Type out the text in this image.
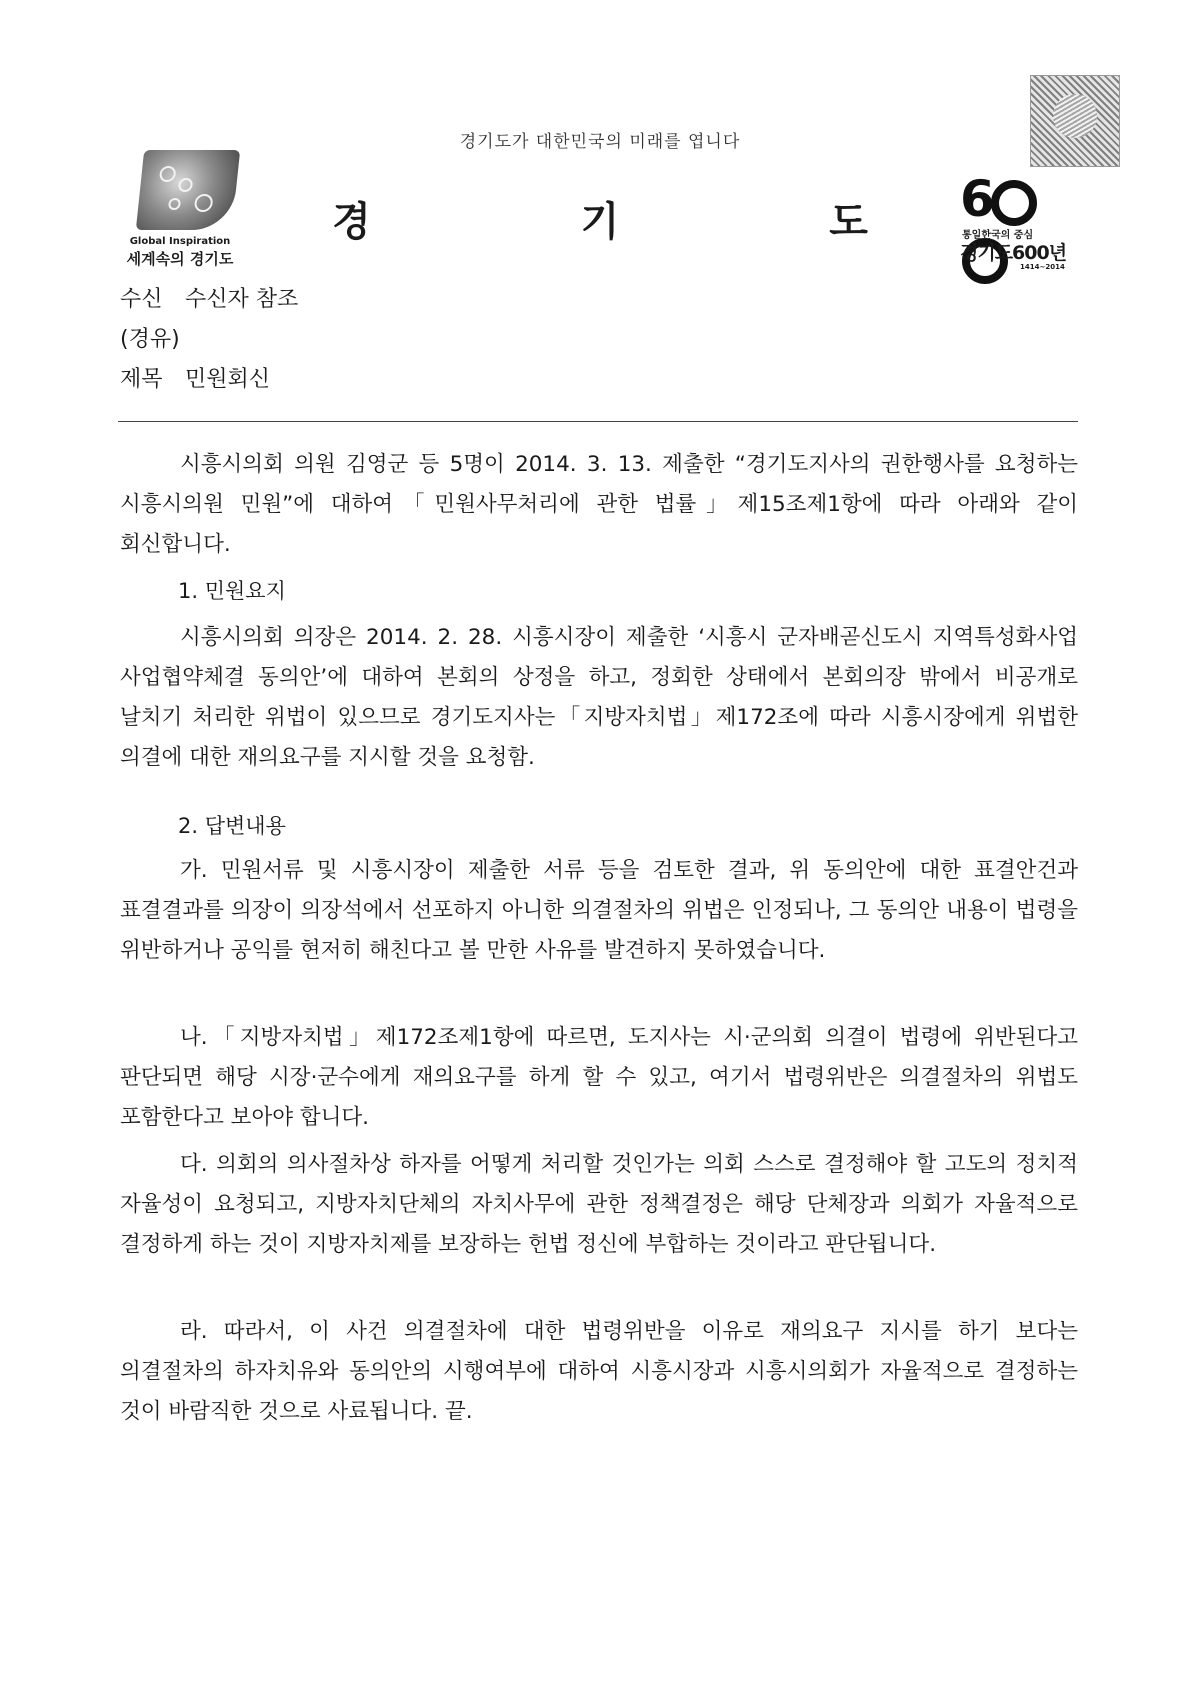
경기도가 대한민국의 미래를 엽니다
Global Inspiration
세계속의 경기도
경 기 도
6
통일한국의 중심
경기도600년
1414~2014
수신 수신자 참조
(경유)
제목 민원회신
시흥시의회 의원 김영군 등 5명이 2014. 3. 13. 제출한 “경기도지사의 권한행사를 요청하는 시흥시의원 민원”에 대하여「민원사무처리에 관한 법률」제15조제1항에 따라 아래와 같이 회신합니다.
1. 민원요지
시흥시의회 의장은 2014. 2. 28. 시흥시장이 제출한 ‘시흥시 군자배곧신도시 지역특성화사업 사업협약체결 동의안’에 대하여 본회의 상정을 하고, 정회한 상태에서 본회의장 밖에서 비공개로 날치기 처리한 위법이 있으므로 경기도지사는「지방자치법」제172조에 따라 시흥시장에게 위법한 의결에 대한 재의요구를 지시할 것을 요청함.
2. 답변내용
가. 민원서류 및 시흥시장이 제출한 서류 등을 검토한 결과, 위 동의안에 대한 표결안건과 표결결과를 의장이 의장석에서 선포하지 아니한 의결절차의 위법은 인정되나, 그 동의안 내용이 법령을 위반하거나 공익를 현저히 해친다고 볼 만한 사유를 발견하지 못하였습니다.
나.「지방자치법」제172조제1항에 따르면, 도지사는 시·군의회 의결이 법령에 위반된다고 판단되면 해당 시장·군수에게 재의요구를 하게 할 수 있고, 여기서 법령위반은 의결절차의 위법도 포함한다고 보아야 합니다.
다. 의회의 의사절차상 하자를 어떻게 처리할 것인가는 의회 스스로 결정해야 할 고도의 정치적 자율성이 요청되고, 지방자치단체의 자치사무에 관한 정책결정은 해당 단체장과 의회가 자율적으로 결정하게 하는 것이 지방자치제를 보장하는 헌법 정신에 부합하는 것이라고 판단됩니다.
라. 따라서, 이 사건 의결절차에 대한 법령위반을 이유로 재의요구 지시를 하기 보다는 의결절차의 하자치유와 동의안의 시행여부에 대하여 시흥시장과 시흥시의회가 자율적으로 결정하는 것이 바람직한 것으로 사료됩니다. 끝.
